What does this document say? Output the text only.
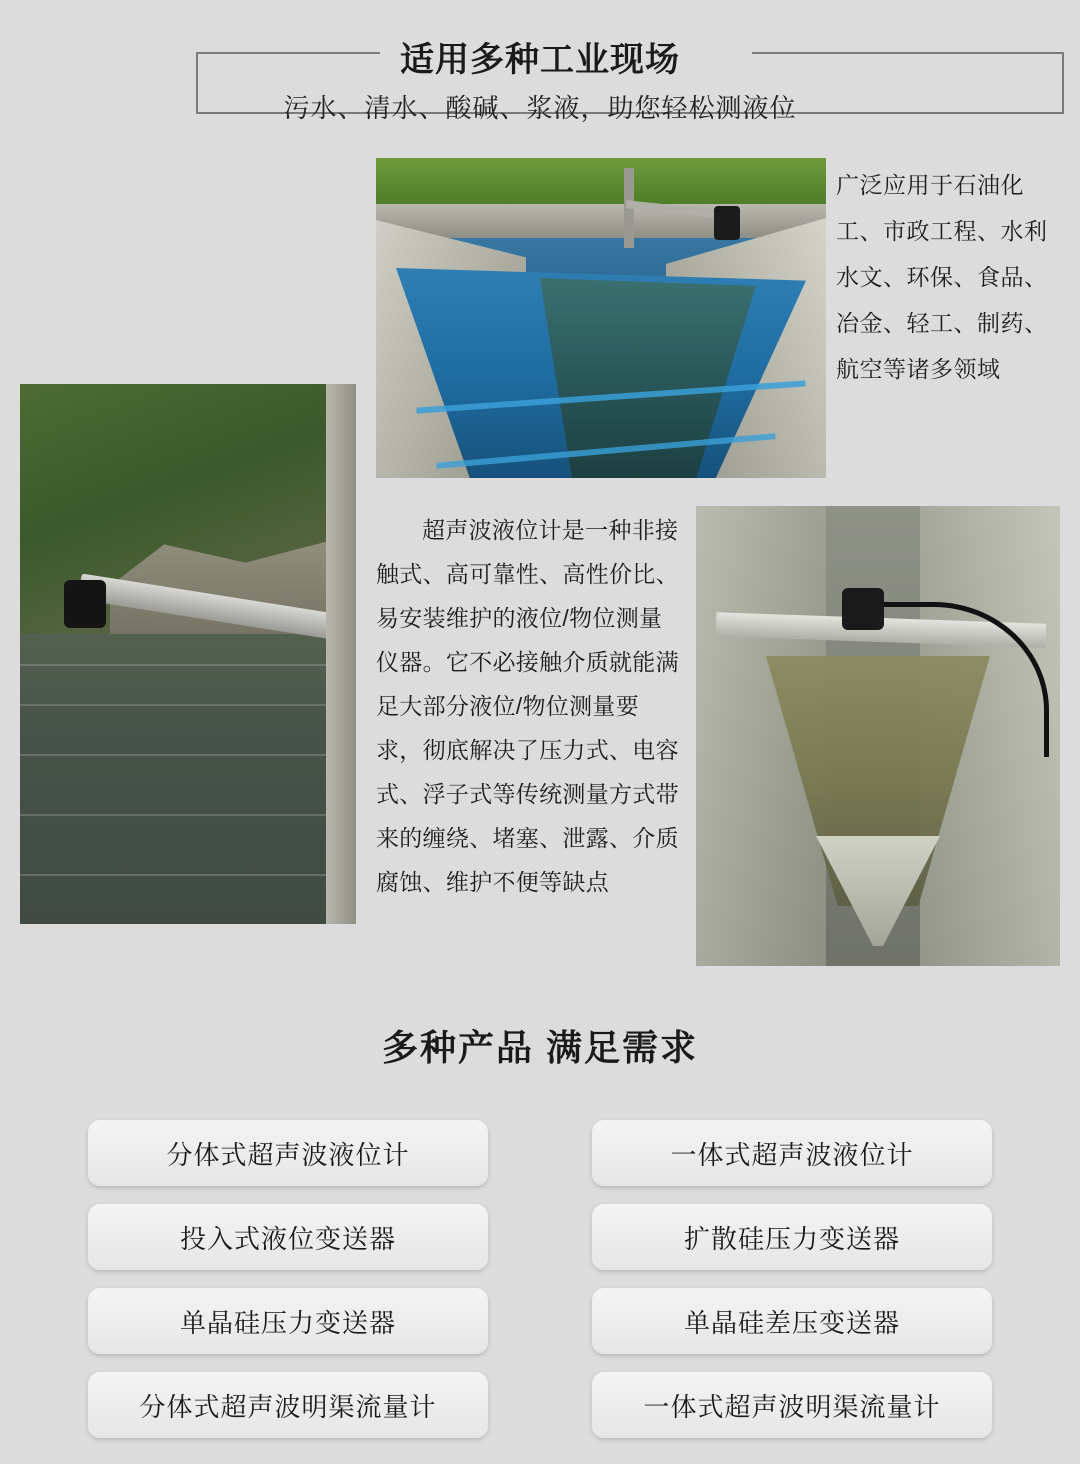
适用多种工业现场
污水、清水、酸碱、浆液，助您轻松测液位
广泛应用于石油化工、市政工程、水利水文、环保、食品、冶金、轻工、制药、航空等诸多领域
超声波液位计是一种非接触式、高可靠性、高性价比、易安装维护的液位/物位测量仪器。它不必接触介质就能满足大部分液位/物位测量要求，彻底解决了压力式、电容式、浮子式等传统测量方式带来的缠绕、堵塞、泄露、介质腐蚀、维护不便等缺点
多种产品 满足需求
分体式超声波液位计	一体式超声波液位计
投入式液位变送器	扩散硅压力变送器
单晶硅压力变送器	单晶硅差压变送器
分体式超声波明渠流量计	一体式超声波明渠流量计
